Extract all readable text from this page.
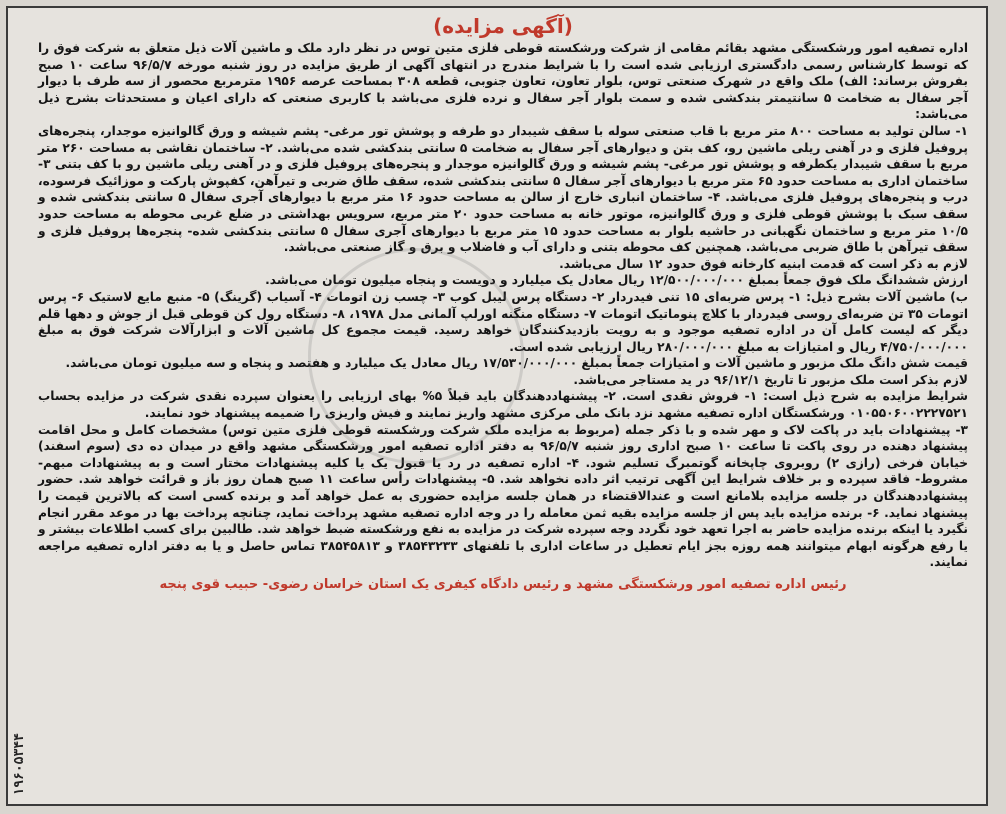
۱۹۶۰۵۳۴۴
(آگهی مزایده)

اداره تصفیه امور ورشکستگی مشهد بقائم مقامی از شرکت ورشکسته قوطی فلزی متین توس در نظر دارد ملک و ماشین آلات ذیل متعلق به شرکت فوق را که توسط کارشناس رسمی دادگستری ارزیابی شده است را با شرایط مندرج در انتهای آگهی از طریق مزایده در روز شنبه مورخه ۹۶/۵/۷ ساعت ۱۰ صبح بفروش برساند: الف) ملک واقع در شهرک صنعتی توس، بلوار تعاون، تعاون جنوبی، قطعه ۳۰۸ بمساحت عرصه ۱۹۵۶ مترمربع محصور از سه طرف با دیوار آجر سفال به ضخامت ۵ سانتیمتر بندکشی شده و سمت بلوار آجر سفال و نرده فلزی می‌باشد با کاربری صنعتی که دارای اعیان و مستحدثات بشرح ذیل می‌باشد:

۱- سالن تولید به مساحت ۸۰۰ متر مربع با قاب صنعتی سوله با سقف شیبدار دو طرفه و پوشش تور مرغی- پشم شیشه و ورق گالوانیزه موجدار، پنجره‌های پروفیل فلزی و در آهنی ریلی ماشین رو، کف بتن و دیوارهای آجر سفال به ضخامت ۵ سانتی بندکشی شده می‌باشد. ۲- ساختمان نقاشی به مساحت ۲۶۰ متر مربع با سقف شیبدار یکطرفه و پوشش تور مرغی- پشم شیشه و ورق گالوانیزه موجدار و پنجره‌های پروفیل فلزی و در آهنی ریلی ماشین رو با کف بتنی ۳- ساختمان اداری به مساحت حدود ۶۵ متر مربع با دیوارهای آجر سفال ۵ سانتی بندکشی شده، سقف طاق ضربی و تیرآهن، کفپوش پارکت و موزائیک فرسوده، درب و پنجره‌های پروفیل فلزی می‌باشد. ۴- ساختمان انباری خارج از سالن به مساحت حدود ۱۶ متر مربع با دیوارهای آجری سفال ۵ سانتی بندکشی شده و سقف سبک با پوشش قوطی فلزی و ورق گالوانیزه، موتور خانه به مساحت حدود ۲۰ متر مربع، سرویس بهداشتی در ضلع غربی محوطه به مساحت حدود ۱۰/۵ متر مربع و ساختمان نگهبانی در حاشیه بلوار به مساحت حدود ۱۵ متر مربع با دیوارهای آجری سفال ۵ سانتی بندکشی شده- پنجره‌ها پروفیل فلزی و سقف تیرآهن با طاق ضربی می‌باشد. همچنین کف محوطه بتنی و دارای آب و فاضلاب و برق و گاز صنعتی می‌باشد.

لازم به ذکر است که قدمت ابنیه کارخانه فوق حدود ۱۲ سال می‌باشد.

ارزش ششدانگ ملک فوق جمعاً بمبلغ ۱۲/۵۰۰/۰۰۰/۰۰۰ ریال معادل یک میلیارد و دویست و پنجاه میلیون تومان می‌باشد.

ب) ماشین آلات بشرح ذیل: ۱- پرس ضربه‌ای ۱۵ تنی فیدردار ۲- دستگاه پرس لیبل کوب ۳- چسب زن اتومات ۴- آسیاب (گرینگ) ۵- منبع مایع لاستیک ۶- پرس اتومات ۳۵ تن ضربه‌ای روسی فیدردار با کلاچ پنوماتیک اتومات ۷- دستگاه منگنه اورلپ آلمانی مدل ۱۹۷۸، ۸- دستگاه رول کن قوطی قبل از جوش و دهها قلم دیگر که لیست کامل آن در اداره تصفیه موجود و به رویت بازدیدکنندگان خواهد رسید. قیمت مجموع کل ماشین آلات و ابزارآلات شرکت فوق به مبلغ ۴/۷۵۰/۰۰۰/۰۰۰ ریال و امتیازات به مبلغ ۲۸۰/۰۰۰/۰۰۰ ریال ارزیابی شده است.

قیمت شش دانگ ملک مزبور و ماشین آلات و امتیازات جمعاً بمبلغ ۱۷/۵۳۰/۰۰۰/۰۰۰ ریال معادل یک میلیارد و هفتصد و پنجاه و سه میلیون تومان می‌باشد.

لازم بذکر است ملک مزبور تا تاریخ ۹۶/۱۲/۱ در ید مستاجر می‌باشد.

شرایط مزایده به شرح ذیل است: ۱- فروش نقدی است. ۲- پیشنهاددهندگان باید قبلاً ۵% بهای ارزیابی را بعنوان سپرده نقدی شرکت در مزایده بحساب ۰۱۰۵۵۰۶۰۰۲۲۲۷۵۲۱ ورشکستگان اداره تصفیه مشهد نزد بانک ملی مرکزی مشهد واریز نمایند و فیش واریزی را ضمیمه پیشنهاد خود نمایند.

۳- پیشنهادات باید در پاکت لاک و مهر شده و با ذکر جمله (مربوط به مزایده ملک شرکت ورشکسته قوطی فلزی متین توس) مشخصات کامل و محل اقامت پیشنهاد دهنده در روی پاکت تا ساعت ۱۰ صبح اداری روز شنبه ۹۶/۵/۷ به دفتر اداره تصفیه امور ورشکستگی مشهد واقع در میدان ده دی (سوم اسفند) خیابان فرخی (رازی ۲) روبروی چاپخانه گوتمبرگ تسلیم شود. ۴- اداره تصفیه در رد یا قبول یک یا کلیه پیشنهادات مختار است و به پیشنهادات مبهم- مشروط- فاقد سپرده و بر خلاف شرایط این آگهی ترتیب اثر داده نخواهد شد. ۵- پیشنهادات رأس ساعت ۱۱ صبح همان روز باز و قرائت خواهد شد. حضور پیشنهاددهندگان در جلسه مزایده بلامانع است و عندالاقتضاء در همان جلسه مزایده حضوری به عمل خواهد آمد و برنده کسی است که بالاترین قیمت را پیشنهاد نماید. ۶- برنده مزایده باید پس از جلسه مزایده بقیه ثمن معامله را در وجه اداره تصفیه مشهد پرداخت نماید، چنانچه پرداخت بها در موعد مقرر انجام نگیرد یا اینکه برنده مزایده حاضر به اجرا تعهد خود نگردد وجه سپرده شرکت در مزایده به نفع ورشکسته ضبط خواهد شد. طالبین برای کسب اطلاعات بیشتر و یا رفع هرگونه ابهام میتوانند همه روزه بجز ایام تعطیل در ساعات اداری با تلفنهای ۳۸۵۴۳۲۳۳ و ۳۸۵۴۵۸۱۳ تماس حاصل و یا به دفتر اداره تصفیه مراجعه نمایند.

رئیس اداره تصفیه امور ورشکستگی مشهد و رئیس دادگاه کیفری یک استان خراسان رضوی- حبیب قوی پنجه
